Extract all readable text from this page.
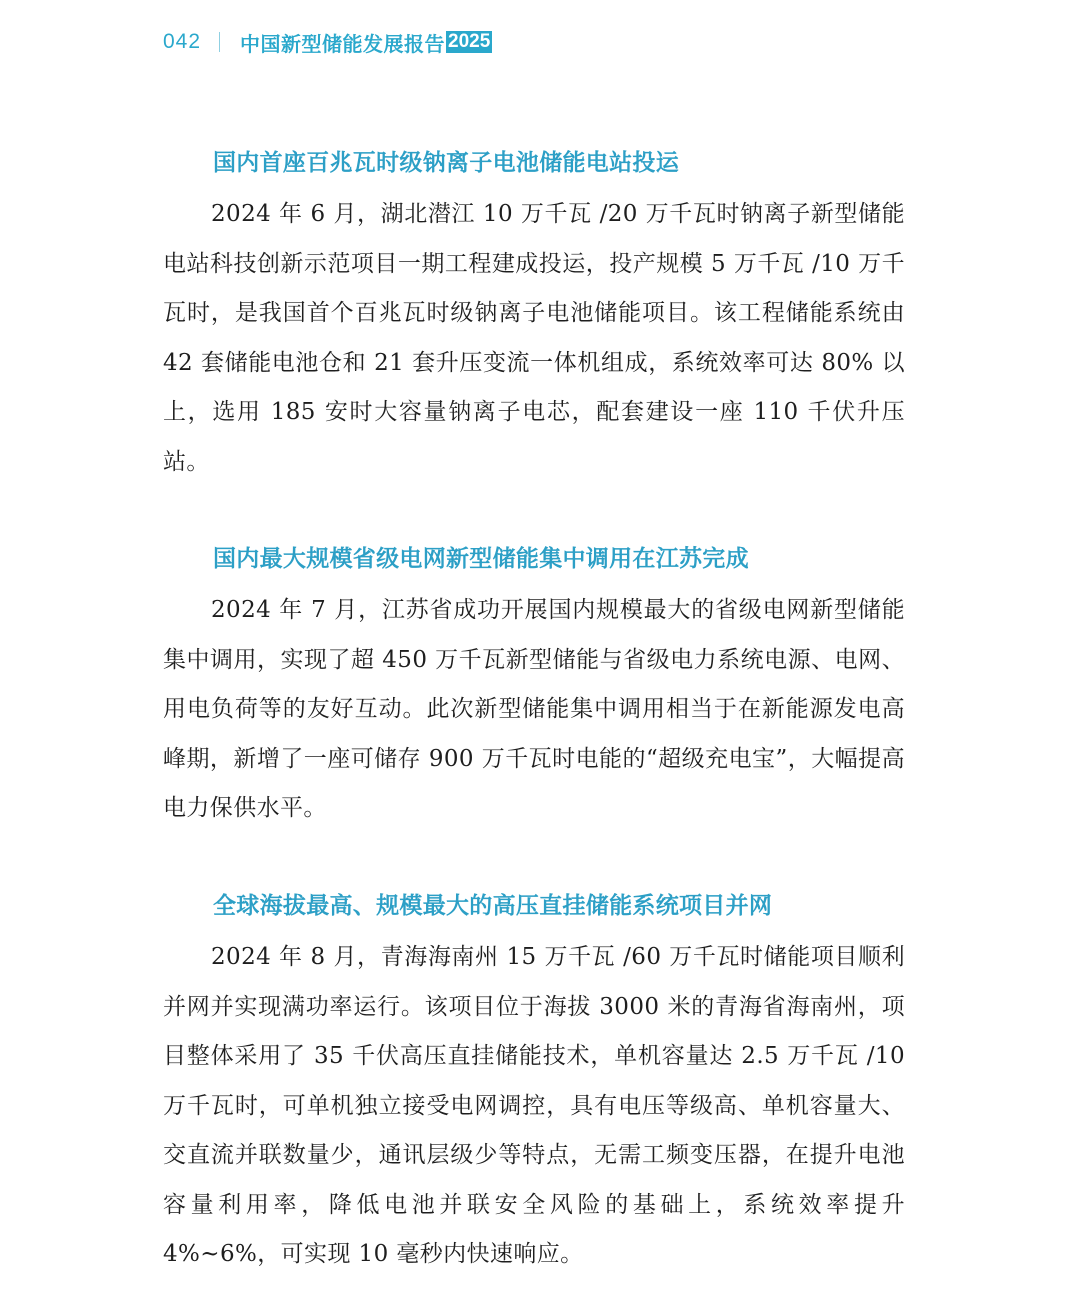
042 中国新型储能发展报告 2025
国内首座百兆瓦时级钠离子电池储能电站投运

2024 年 6 月，湖北潜江 10 万千瓦 /20 万千瓦时钠离子新型储能电站科技创新示范项目一期工程建成投运，投产规模 5 万千瓦 /10 万千瓦时，是我国首个百兆瓦时级钠离子电池储能项目。该工程储能系统由 42 套储能电池仓和 21 套升压变流一体机组成，系统效率可达 80% 以上，选用 185 安时大容量钠离子电芯，配套建设一座 110 千伏升压站。

国内最大规模省级电网新型储能集中调用在江苏完成

2024 年 7 月，江苏省成功开展国内规模最大的省级电网新型储能集中调用，实现了超 450 万千瓦新型储能与省级电力系统电源、电网、用电负荷等的友好互动。此次新型储能集中调用相当于在新能源发电高峰期，新增了一座可储存 900 万千瓦时电能的“超级充电宝”，大幅提高电力保供水平。

全球海拔最高、规模最大的高压直挂储能系统项目并网

2024 年 8 月，青海海南州 15 万千瓦 /60 万千瓦时储能项目顺利并网并实现满功率运行。该项目位于海拔 3000 米的青海省海南州，项目整体采用了 35 千伏高压直挂储能技术，单机容量达 2.5 万千瓦 /10 万千瓦时，可单机独立接受电网调控，具有电压等级高、单机容量大、交直流并联数量少，通讯层级少等特点，无需工频变压器，在提升电池容量利用率，降低电池并联安全风险的基础上，系统效率提升 4%~6%，可实现 10 毫秒内快速响应。
